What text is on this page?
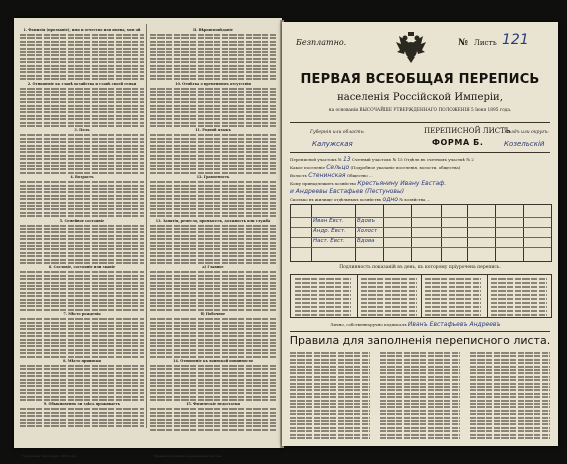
1. Фамилія (прозваніе), имя и отчество или имена, мен ой
2. Отношеніе къ главѣ хозяйства и главѣ своей семьи
3. Полъ
4. Возрастъ
5. Семейное состояніе
6. Сословіе, состояніе или званіе
7. Мѣсто рожденія
8. Мѣсто приписки
9. Обыкновенно ли здѣсь проживаетъ
II. Вѣроисповѣданіе
10. Отмѣтка о временномъ отсутствіи
11. Родной языкъ
12. Грамотность
13. Занятія, ремесло, промыселъ, должность или служба
а) Главное
б) Побочное
14. Отношеніе къ воинской повинности
15. Физическіе недостатки
Губернская типографія 1896 года	Тиражъ и печатаніе переписныхъ листовъ
Безплатно.	№ Листъ 121
ПЕРВАЯ ВСЕОБЩАЯ ПЕРЕПИСЬ
населенія Россійской Имперіи,
на основаніи ВЫСОЧАЙШЕ УТВЕРЖДЕННАГО ПОЛОЖЕНІЯ 5 Іюня 1895 года.
Губернія или область:
Калужская
ПЕРЕПИСНОЙ ЛИСТЪ
ФОРМА Б.
Уѣздъ или округъ:
Козельскій
Переписной участокъ № 13 Счетный участокъ № 15 Отдѣлъ въ счетномъ участкѣ № 2
Какое поселеніе Сельцо (Подробное указаніе поселенія, волости, общества)
Волость Стенинская Общество ...
Кому принадлежитъ хозяйство Крестьянину Ивану Евстаф.
и Андреевы Евстафьев (Пестуновы)
Сколько въ жилище отдѣльныхъ хозяйствъ одно № хозяйства ...
Иван Евст. Вдовъ
Андр. Евст. Холост
Наст. Евст. Вдова
Подлинность показаній въ день, къ которому пріурочена перепись.
Лично, собственноручно подписалъ Иванъ Евстафьевъ Андреевъ
Правила для заполненія переписного листа.
